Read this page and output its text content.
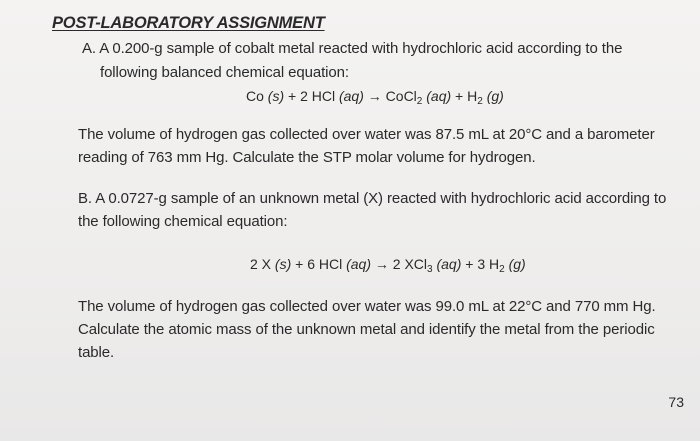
POST-LABORATORY ASSIGNMENT
A. A 0.200-g sample of cobalt metal reacted with hydrochloric acid according to the
following balanced chemical equation:
Co (s) + 2 HCl (aq) → CoCl$_2$ $(aq) + H_2$ (g)
The volume of hydrogen gas collected over water was 87.5 mL at 20°C and a barometer
reading of 763 mm Hg. Calculate the STP molar volume for hydrogen.
B. A 0.0727-g sample of an unknown metal (X) reacted with hydrochloric acid according to
the following chemical equation:
2 X (s) + 6 HCl (aq) → 2 XCl$_3$ (aq) + 3 $H_2$ (g)
The volume of hydrogen gas collected over water was 99.0 mL at 22°C and 770 mm Hg.
Calculate the atomic mass of the unknown metal and identify the metal from the periodic
table.
73
